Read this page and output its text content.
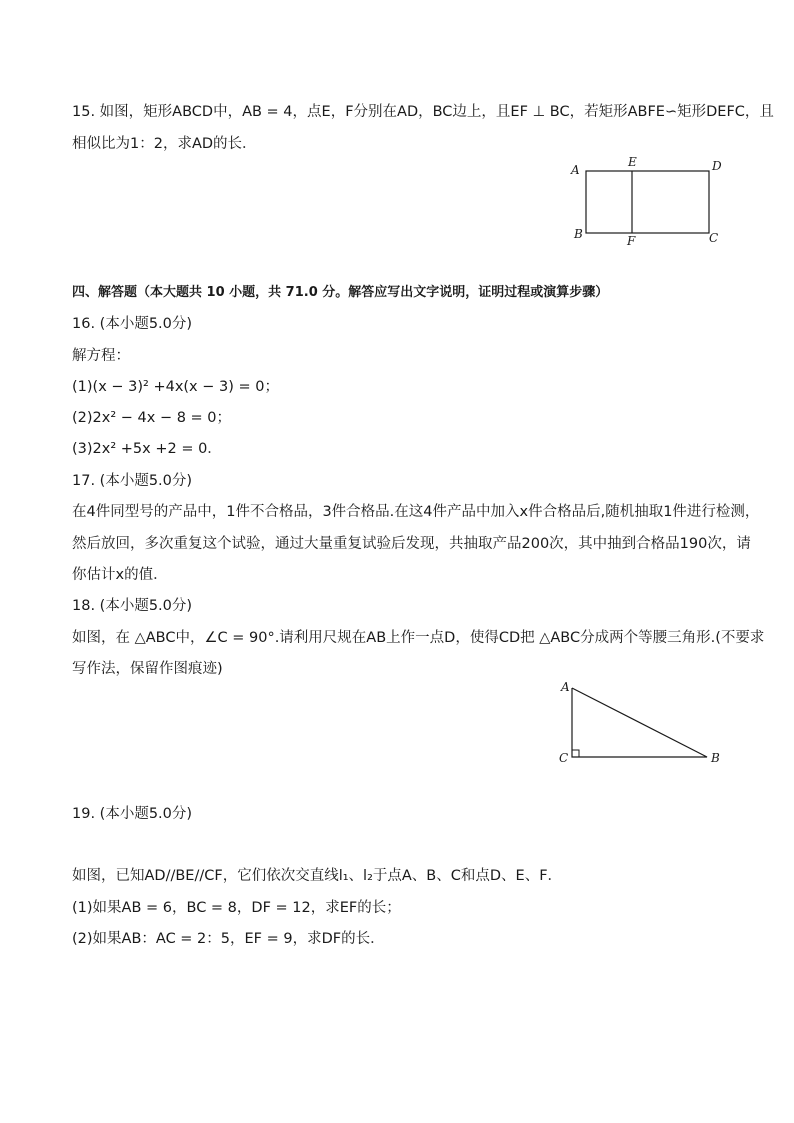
15. 如图，矩形ABCD中，AB = 4，点E，F分别在AD，BC边上，且EF ⊥ BC，若矩形ABFE∽矩形DEFC，且
相似比为1：2，求AD的长．
A
E	D
B	F	C
四、解答题（本大题共 10 小题，共 71.0 分。解答应写出文字说明，证明过程或演算步骤）
16. (本小题5.0分)
解方程：
(1)(x − 3)² +4x(x − 3) = 0；
(2)2x² − 4x − 8 = 0；
(3)2x² +5x +2 = 0．
17. (本小题5.0分)
在4件同型号的产品中，1件不合格品，3件合格品.在这4件产品中加入x件合格品后,随机抽取1件进行检测，
然后放回，多次重复这个试验，通过大量重复试验后发现，共抽取产品200次，其中抽到合格品190次，请
你估计x的值．
18. (本小题5.0分)
如图，在 △ABC中，∠C = 90°.请利用尺规在AB上作一点D，使得CD把 △ABC分成两个等腰三角形.(不要求
写作法，保留作图痕迹)
A
C	B
19. (本小题5.0分)
如图，已知AD//BE//CF，它们依次交直线l₁、l₂于点A、B、C和点D、E、F．
(1)如果AB = 6，BC = 8，DF = 12，求EF的长；
(2)如果AB：AC = 2：5，EF = 9，求DF的长．
